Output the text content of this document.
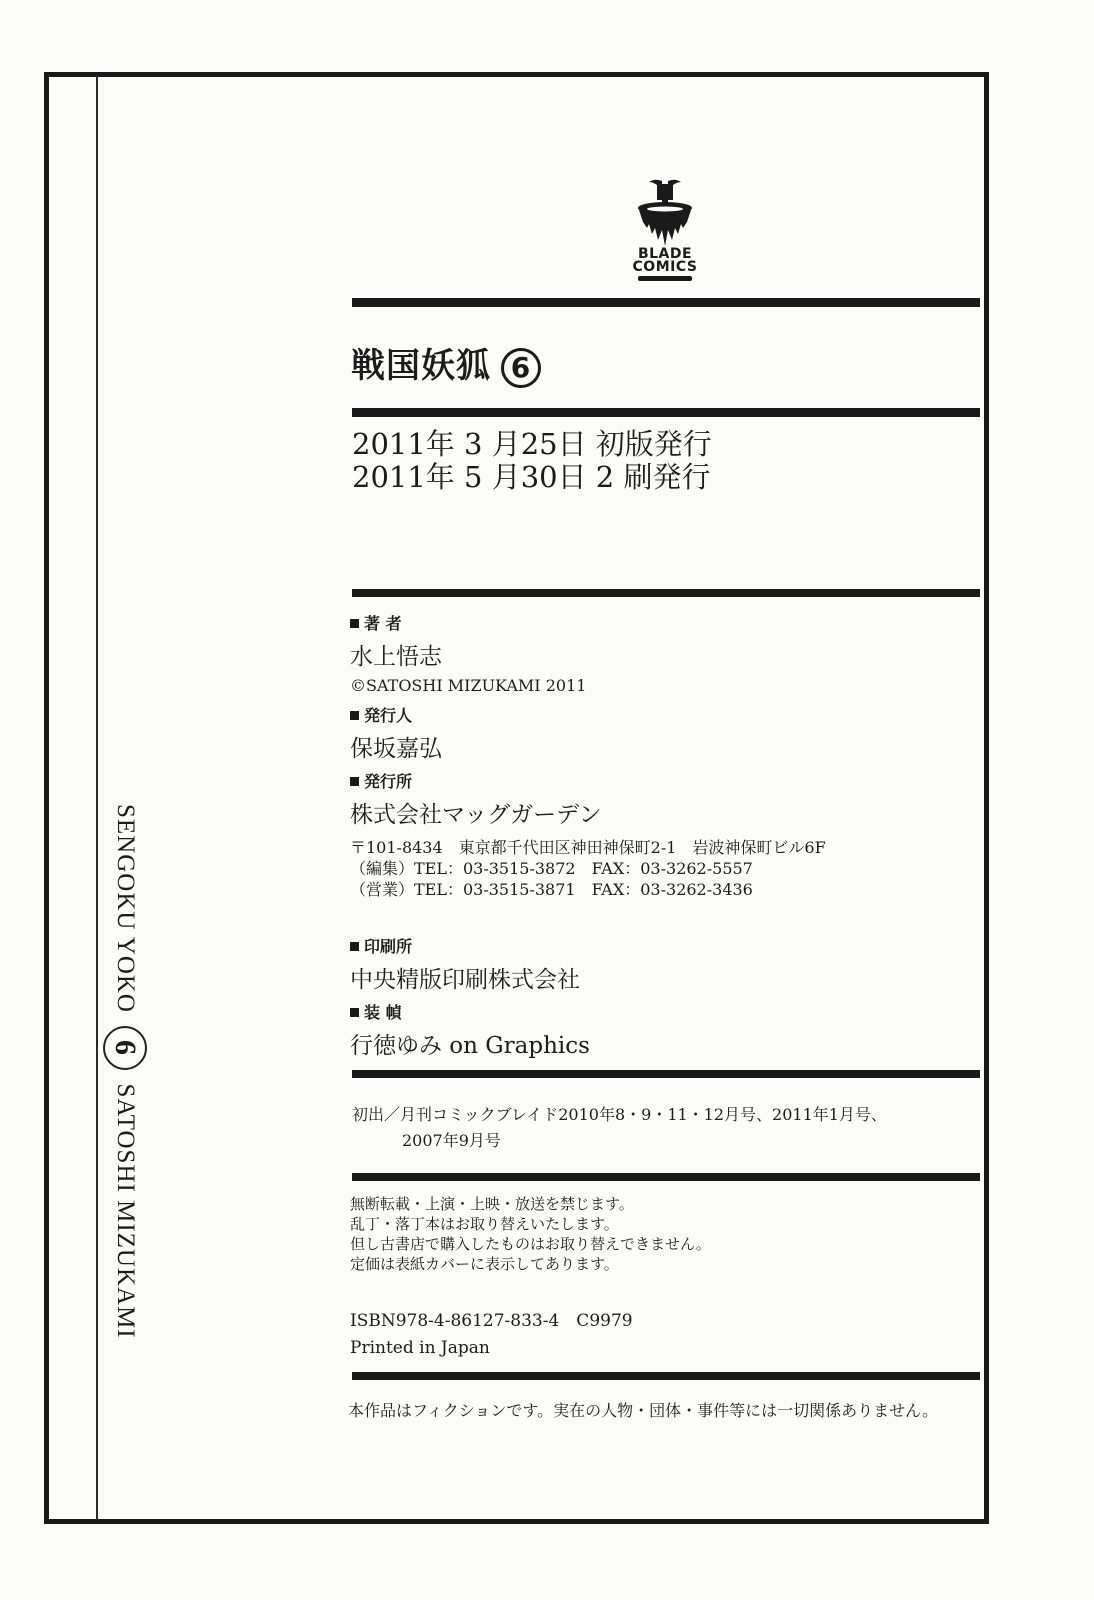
SENGOKU YOKO 6 SATOSHI MIZUKAMI
BLADE
COMICS
戦国妖狐 6
2011年 3 月25日 初版発行
2011年 5 月30日 2 刷発行
著 者
水上悟志
©SATOSHI MIZUKAMI 2011
発行人
保坂嘉弘
発行所
株式会社マッグガーデン
〒101-8434　東京都千代田区神田神保町2-1　岩波神保町ビル6F
（編集）TEL：03-3515-3872　FAX：03-3262-5557
（営業）TEL：03-3515-3871　FAX：03-3262-3436
印刷所
中央精版印刷株式会社
装 幀
行徳ゆみ on Graphics
初出／月刊コミックブレイド2010年8・9・11・12月号、2011年1月号、
2007年9月号
無断転載・上演・上映・放送を禁じます。
乱丁・落丁本はお取り替えいたします。
但し古書店で購入したものはお取り替えできません。
定価は表紙カバーに表示してあります。
ISBN978-4-86127-833-4　C9979
Printed in Japan
本作品はフィクションです。実在の人物・団体・事件等には一切関係ありません。
